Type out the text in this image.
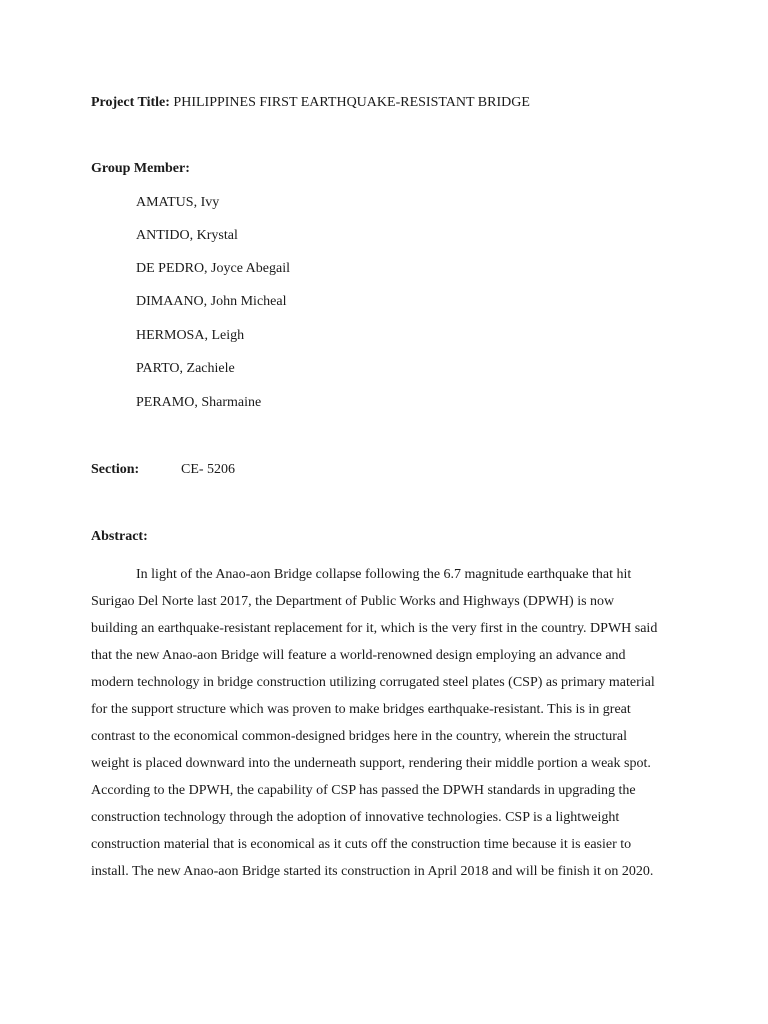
Project Title: PHILIPPINES FIRST EARTHQUAKE-RESISTANT BRIDGE
Group Member:
AMATUS, Ivy
ANTIDO, Krystal
DE PEDRO, Joyce Abegail
DIMAANO, John Micheal
HERMOSA, Leigh
PARTO, Zachiele
PERAMO, Sharmaine
Section:	CE- 5206
Abstract:

In light of the Anao-aon Bridge collapse following the 6.7 magnitude earthquake that hit Surigao Del Norte last 2017, the Department of Public Works and Highways (DPWH) is now building an earthquake-resistant replacement for it, which is the very first in the country. DPWH said that the new Anao-aon Bridge will feature a world-renowned design employing an advance and modern technology in bridge construction utilizing corrugated steel plates (CSP) as primary material for the support structure which was proven to make bridges earthquake-resistant. This is in great contrast to the economical common-designed bridges here in the country, wherein the structural weight is placed downward into the underneath support, rendering their middle portion a weak spot. According to the DPWH, the capability of CSP has passed the DPWH standards in upgrading the construction technology through the adoption of innovative technologies. CSP is a lightweight construction material that is economical as it cuts off the construction time because it is easier to install. The new Anao-aon Bridge started its construction in April 2018 and will be finish it on 2020.
